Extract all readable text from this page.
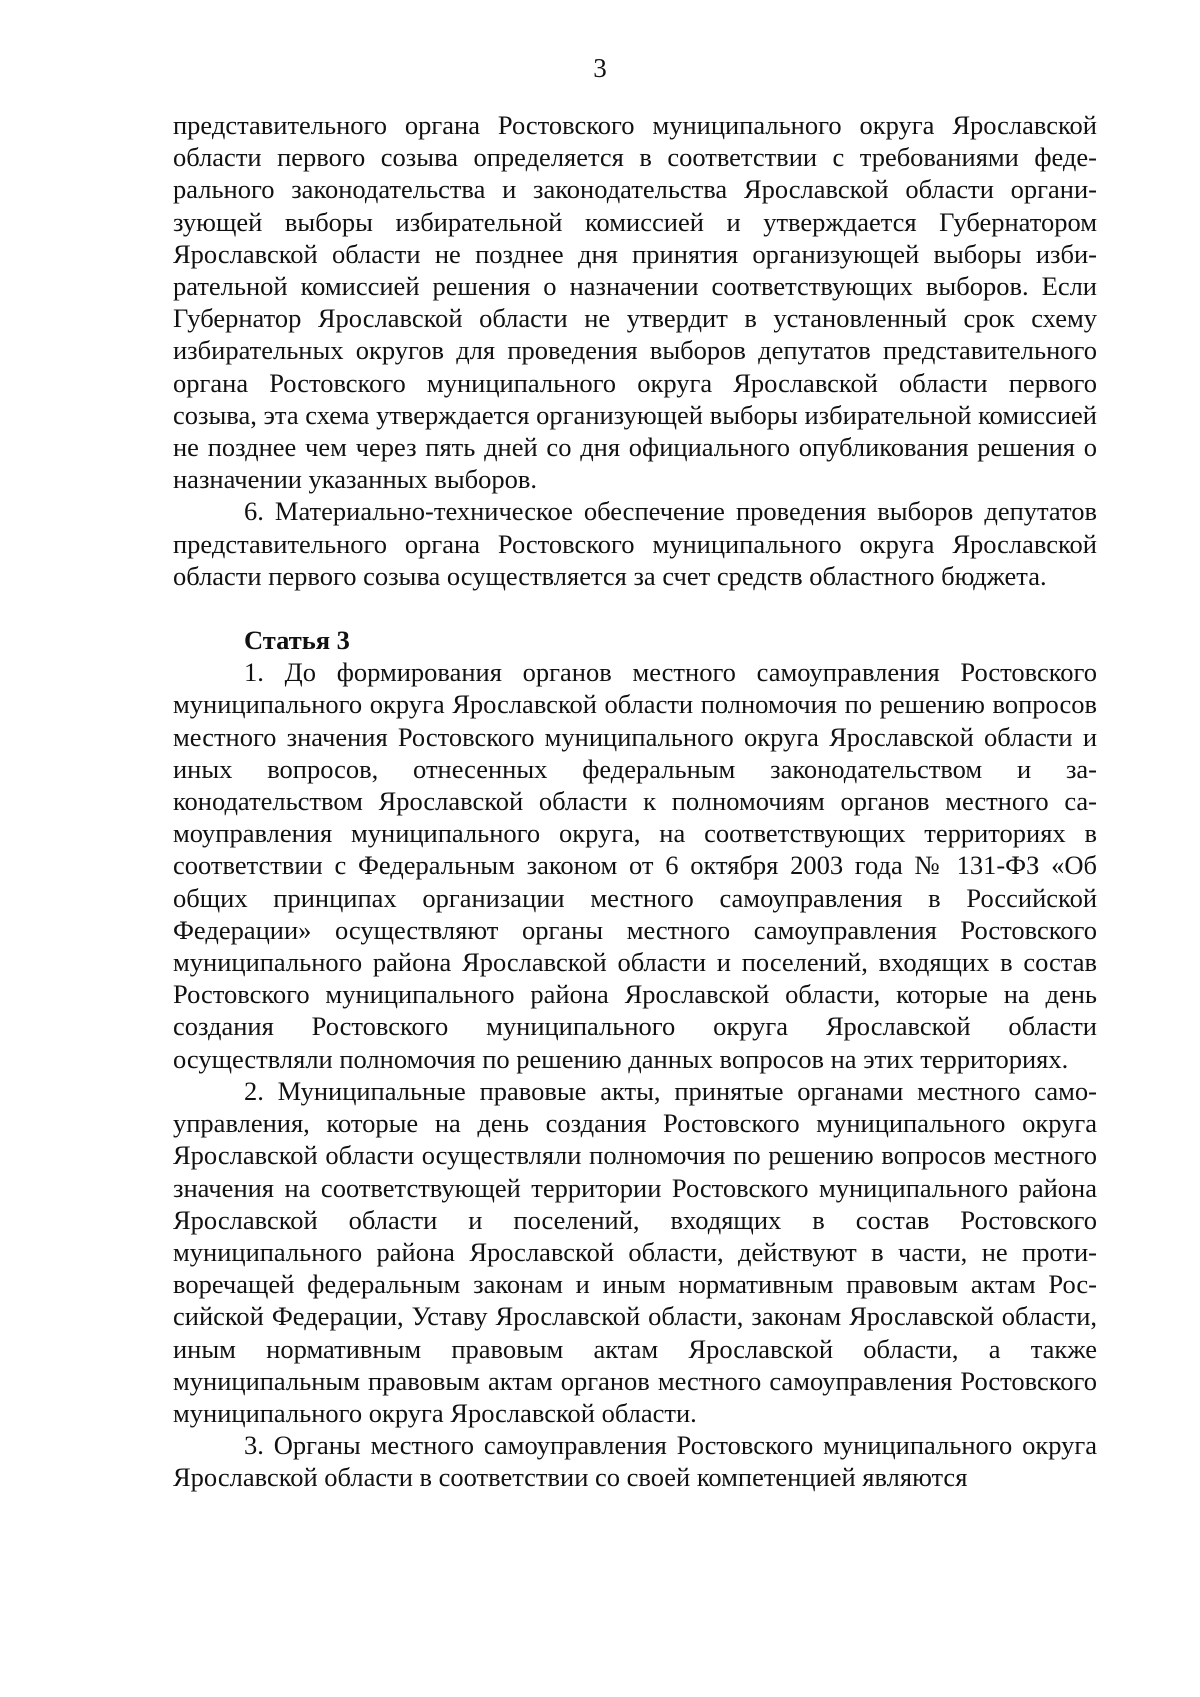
3

представительного органа Ростовского муниципального округа Ярославской области первого созыва определяется в соответствии с требованиями федерального законодательства и законодательства Ярославской области организующей выборы избирательной комиссией и утверждается Губернатором Ярославской области не позднее дня принятия организующей выборы избирательной комиссией решения о назначении соответствующих выборов. Если Губернатор Ярославской области не утвердит в установленный срок схему избирательных округов для проведения выборов депутатов представительного органа Ростовского муниципального округа Ярославской области первого созыва, эта схема утверждается организующей выборы избирательной комиссией не позднее чем через пять дней со дня официального опубликования решения о назначении указанных выборов.

6. Материально-техническое обеспечение проведения выборов депутатов представительного органа Ростовского муниципального округа Ярославской области первого созыва осуществляется за счет средств областного бюджета.

Статья 3

1. До формирования органов местного самоуправления Ростовского муниципального округа Ярославской области полномочия по решению вопросов местного значения Ростовского муниципального округа Ярославской области и иных вопросов, отнесенных федеральным законодательством и законодательством Ярославской области к полномочиям органов местного самоуправления муниципального округа, на соответствующих территориях в соответствии с Федеральным законом от 6 октября 2003 года № 131-ФЗ «Об общих принципах организации местного самоуправления в Российской Федерации» осуществляют органы местного самоуправления Ростовского муниципального района Ярославской области и поселений, входящих в состав Ростовского муниципального района Ярославской области, которые на день создания Ростовского муниципального округа Ярославской области осуществляли полномочия по решению данных вопросов на этих территориях.

2. Муниципальные правовые акты, принятые органами местного самоуправления, которые на день создания Ростовского муниципального округа Ярославской области осуществляли полномочия по решению вопросов местного значения на соответствующей территории Ростовского муниципального района Ярославской области и поселений, входящих в состав Ростовского муниципального района Ярославской области, действуют в части, не противоречащей федеральным законам и иным нормативным правовым актам Российской Федерации, Уставу Ярославской области, законам Ярославской области, иным нормативным правовым актам Ярославской области, а также муниципальным правовым актам органов местного самоуправления Ростовского муниципального округа Ярославской области.

3. Органы местного самоуправления Ростовского муниципального округа Ярославской области в соответствии со своей компетенцией являются
